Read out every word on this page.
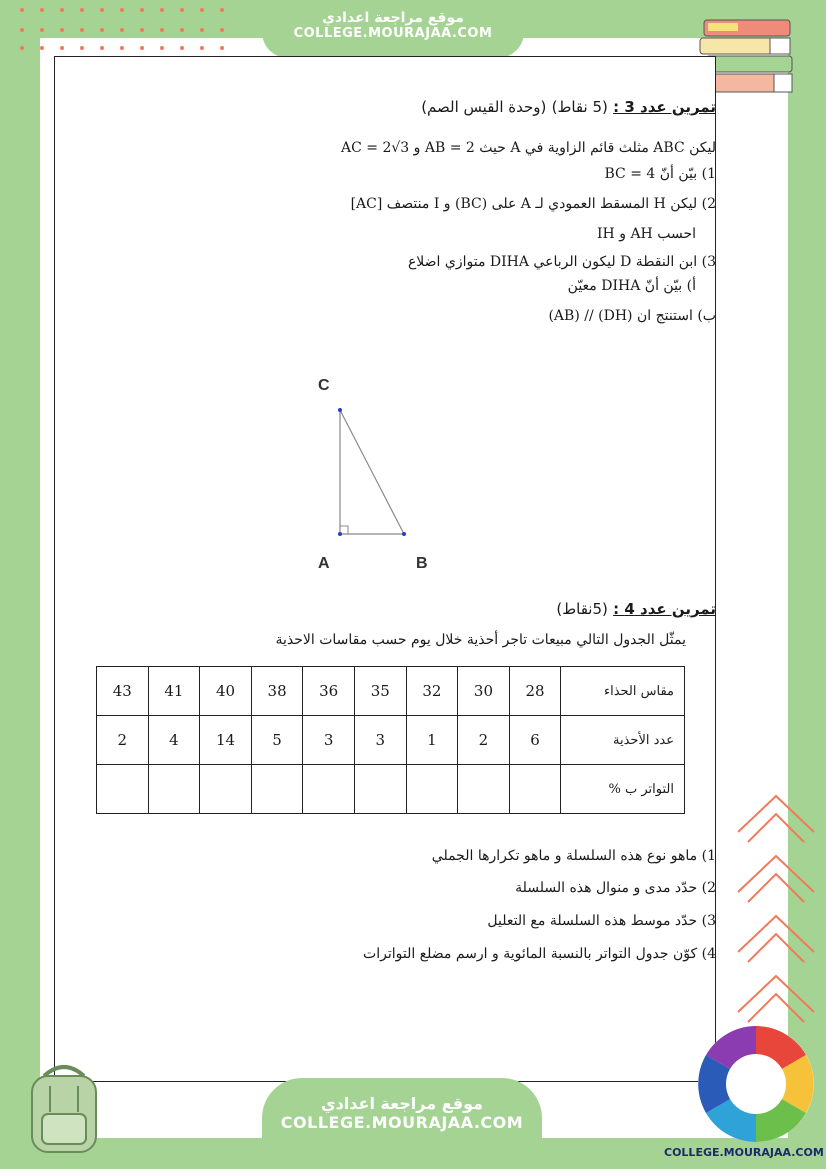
موقع مراجعة اعدادي
COLLEGE.MOURAJAA.COM
تمرين عدد 3 : (5 نقاط) (وحدة القيس الصم)
ليكن ABC مثلث قائم الزاوية في A حيث AB = 2 و AC = 2√3
1) بيّن أنّ BC = 4
2) ليكن H المسقط العمودي لـ A على (BC) و I منتصف [AC]
احسب AH و IH
3) ابن النقطة D ليكون الرباعي DIHA متوازي اضلاع
أ) بيّن أنّ DIHA معيّن
ب) استنتج ان (DH) // (AB)
C
A	B
تمرين عدد 4 : (5نقاط)
يمثّل الجدول التالي مبيعات تاجر أحذية خلال يوم حسب مقاسات الاحذية
43	41	40	38	36	35	32	30	28	مقاس الحذاء
2	4	14	5	3	3	1	2	6	عدد الأحذية
									التواتر ب %
1) ماهو نوع هذه السلسلة و ماهو تكرارها الجملي
2) حدّد مدى و منوال هذه السلسلة
3) حدّد موسط هذه السلسلة مع التعليل
4) كوّن جدول التواتر بالنسبة المائوية و ارسم مضلع التواترات
موقع مراجعة اعدادي
COLLEGE.MOURAJAA.COM
COLLEGE.MOURAJAA.COM
